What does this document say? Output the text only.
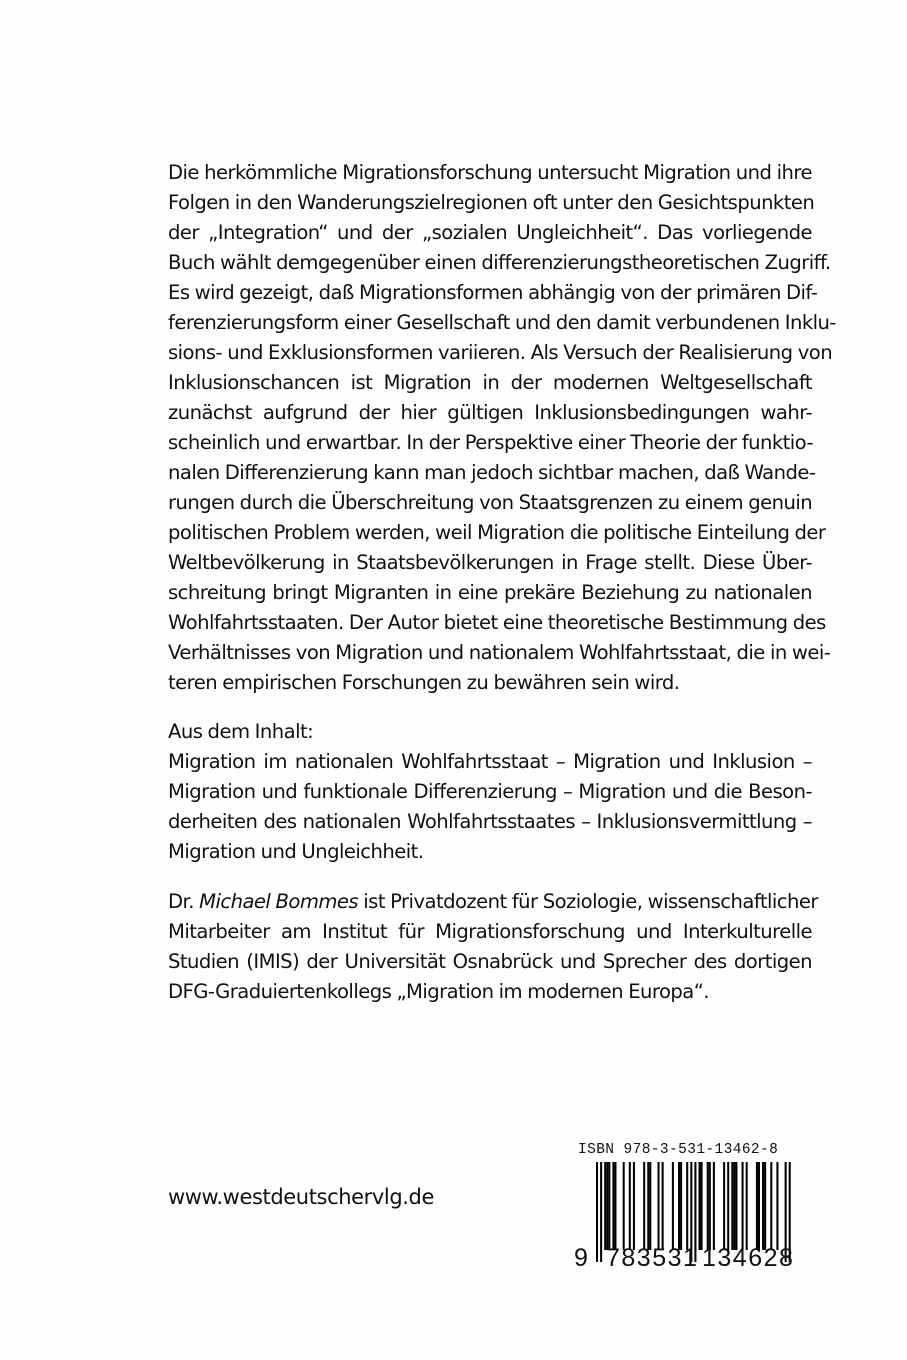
Die herkömmliche Migrationsforschung untersucht Migration und ihre
Folgen in den Wanderungszielregionen oft unter den Gesichtspunkten
der „Integration“ und der „sozialen Ungleichheit“. Das vorliegende
Buch wählt demgegenüber einen differenzierungstheoretischen Zugriff.
Es wird gezeigt, daß Migrationsformen abhängig von der primären Dif-
ferenzierungsform einer Gesellschaft und den damit verbundenen Inklu-
sions- und Exklusionsformen variieren. Als Versuch der Realisierung von
Inklusionschancen ist Migration in der modernen Weltgesellschaft
zunächst aufgrund der hier gültigen Inklusionsbedingungen wahr-
scheinlich und erwartbar. In der Perspektive einer Theorie der funktio-
nalen Differenzierung kann man jedoch sichtbar machen, daß Wande-
rungen durch die Überschreitung von Staatsgrenzen zu einem genuin
politischen Problem werden, weil Migration die politische Einteilung der
Weltbevölkerung in Staatsbevölkerungen in Frage stellt. Diese Über-
schreitung bringt Migranten in eine prekäre Beziehung zu nationalen
Wohlfahrtsstaaten. Der Autor bietet eine theoretische Bestimmung des
Verhältnisses von Migration und nationalem Wohlfahrtsstaat, die in wei-
teren empirischen Forschungen zu bewähren sein wird.
Aus dem Inhalt:
Migration im nationalen Wohlfahrtsstaat – Migration und Inklusion –
Migration und funktionale Differenzierung – Migration und die Beson-
derheiten des nationalen Wohlfahrtsstaates – Inklusionsvermittlung –
Migration und Ungleichheit.
Dr. Michael Bommes ist Privatdozent für Soziologie, wissenschaftlicher
Mitarbeiter am Institut für Migrationsforschung und Interkulturelle
Studien (IMIS) der Universität Osnabrück und Sprecher des dortigen
DFG-Graduiertenkollegs „Migration im modernen Europa“.
www.westdeutschervlg.de
ISBN 978-3-531-13462-8
9 783531 134628
